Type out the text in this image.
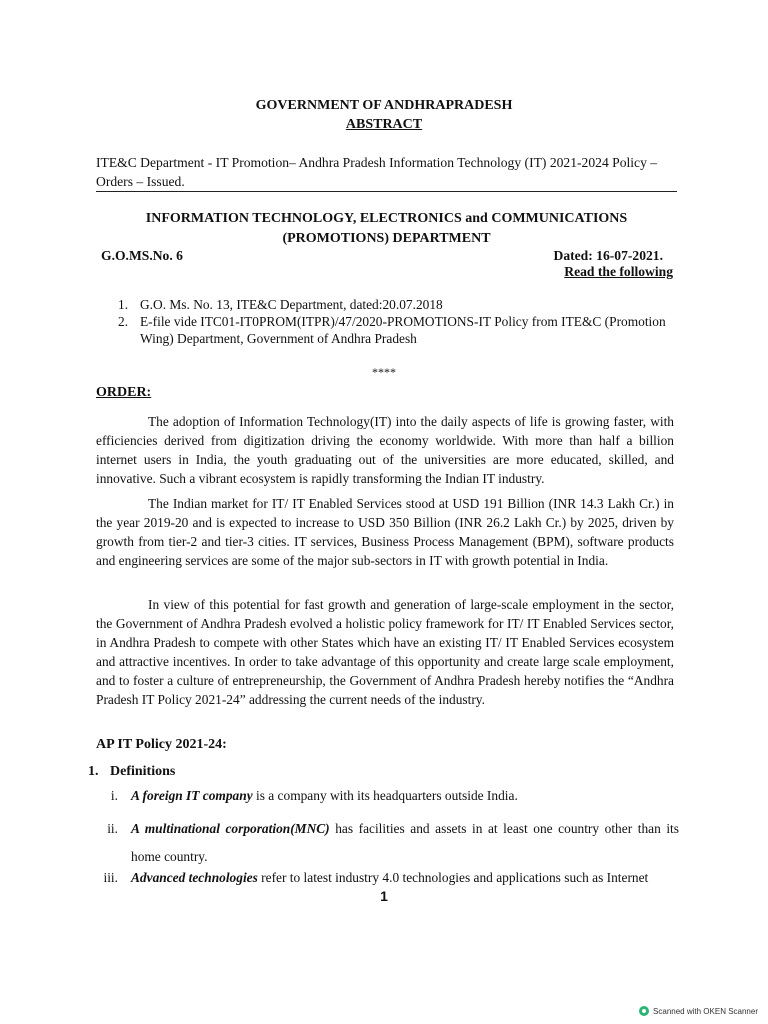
GOVERNMENT OF ANDHRAPRADESH
ABSTRACT
ITE&C Department - IT Promotion– Andhra Pradesh Information Technology (IT) 2021-2024 Policy – Orders – Issued.
INFORMATION TECHNOLOGY, ELECTRONICS and COMMUNICATIONS (PROMOTIONS) DEPARTMENT
G.O.MS.No. 6	Dated: 16-07-2021.
Read the following
1. G.O. Ms. No. 13, ITE&C Department, dated:20.07.2018
2. E-file vide ITC01-IT0PROM(ITPR)/47/2020-PROMOTIONS-IT Policy from ITE&C (Promotion Wing) Department, Government of Andhra Pradesh
****
ORDER:

The adoption of Information Technology(IT) into the daily aspects of life is growing faster, with efficiencies derived from digitization driving the economy worldwide. With more than half a billion internet users in India, the youth graduating out of the universities are more educated, skilled, and innovative. Such a vibrant ecosystem is rapidly transforming the Indian IT industry.

The Indian market for IT/ IT Enabled Services stood at USD 191 Billion (INR 14.3 Lakh Cr.) in the year 2019-20 and is expected to increase to USD 350 Billion (INR 26.2 Lakh Cr.) by 2025, driven by growth from tier-2 and tier-3 cities. IT services, Business Process Management (BPM), software products and engineering services are some of the major sub-sectors in IT with growth potential in India.

In view of this potential for fast growth and generation of large-scale employment in the sector, the Government of Andhra Pradesh evolved a holistic policy framework for IT/ IT Enabled Services sector, in Andhra Pradesh to compete with other States which have an existing IT/ IT Enabled Services ecosystem and attractive incentives. In order to take advantage of this opportunity and create large scale employment, and to foster a culture of entrepreneurship, the Government of Andhra Pradesh hereby notifies the “Andhra Pradesh IT Policy 2021-24” addressing the current needs of the industry.

AP IT Policy 2021-24:
1. Definitions
i. A foreign IT company is a company with its headquarters outside India.
ii. A multinational corporation(MNC) has facilities and assets in at least one country other than its home country.
iii. Advanced technologies refer to latest industry 4.0 technologies and applications such as Internet
1
Scanned with OKEN Scanner
